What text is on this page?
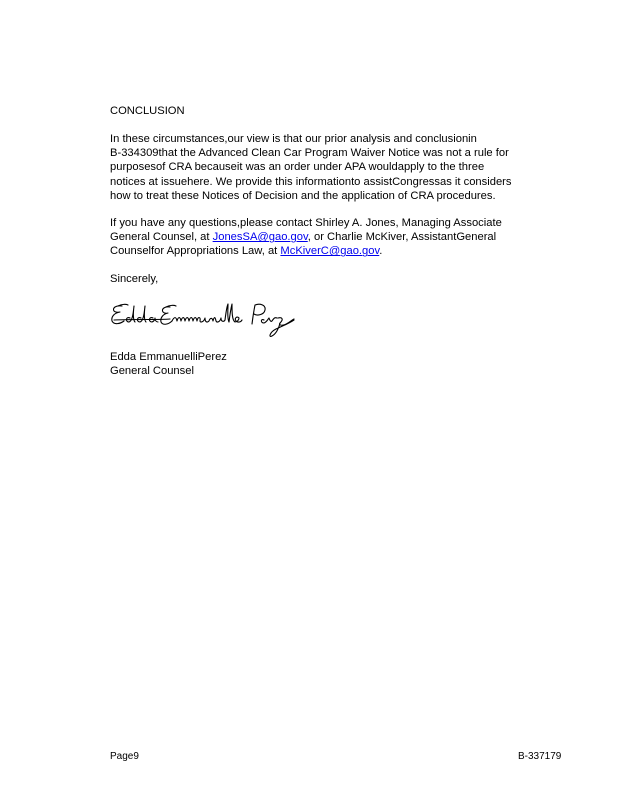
CONCLUSION
In these circumstances,our view is that our prior analysis and conclusionin
B-334309that the Advanced Clean Car Program Waiver Notice was not a rule for
purposesof CRA becauseit was an order under APA wouldapply to the three
notices at issuehere. We provide this informationto assistCongressas it considers
how to treat these Notices of Decision and the application of CRA procedures.
If you have any questions,please contact Shirley A. Jones, Managing Associate
General Counsel, at JonesSA@gao.gov, or Charlie McKiver, AssistantGeneral
Counselfor Appropriations Law, at McKiverC@gao.gov.
Sincerely,
Edda EmmanuelliPerez
General Counsel
Page9	B-337179
